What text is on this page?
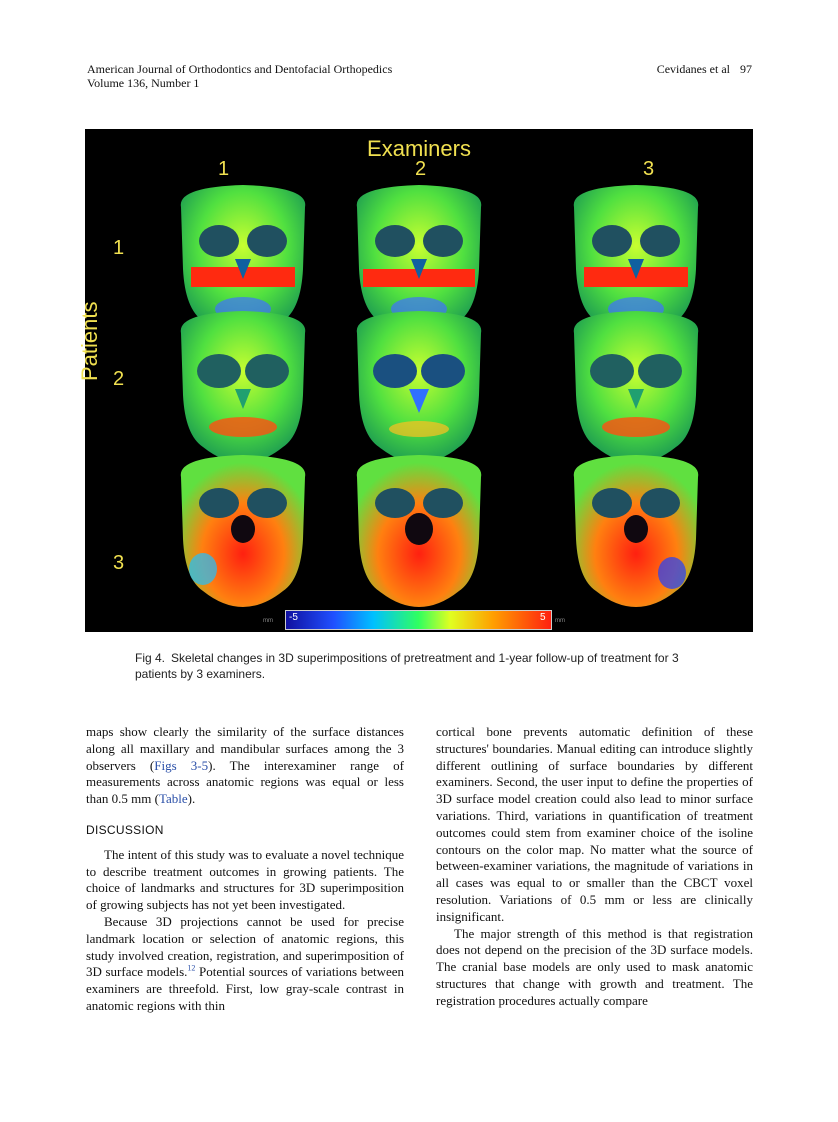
American Journal of Orthodontics and Dentofacial Orthopedics
Volume 136, Number 1
Cevidanes et al 97
Examiners
1	2	3
1
2
3
Patients
mm -5	5 mm
Fig 4. Skeletal changes in 3D superimpositions of pretreatment and 1-year follow-up of treatment for 3 patients by 3 examiners.

maps show clearly the similarity of the surface distances along all maxillary and mandibular surfaces among the 3 observers (Figs 3-5). The interexaminer range of measurements across anatomic regions was equal or less than 0.5 mm (Table).

DISCUSSION

The intent of this study was to evaluate a novel technique to describe treatment outcomes in growing patients. The choice of landmarks and structures for 3D superimposition of growing subjects has not yet been investigated.

Because 3D projections cannot be used for precise landmark location or selection of anatomic regions, this study involved creation, registration, and superimposition of 3D surface models.$^{12}$ Potential sources of variations between examiners are threefold. First, low gray-scale contrast in anatomic regions with thin

cortical bone prevents automatic definition of these structures' boundaries. Manual editing can introduce slightly different outlining of surface boundaries by different examiners. Second, the user input to define the properties of 3D surface model creation could also lead to minor surface variations. Third, variations in quantification of treatment outcomes could stem from examiner choice of the isoline contours on the color map. No matter what the source of between-examiner variations, the magnitude of variations in all cases was equal to or smaller than the CBCT voxel resolution. Variations of 0.5 mm or less are clinically insignificant.

The major strength of this method is that registration does not depend on the precision of the 3D surface models. The cranial base models are only used to mask anatomic structures that change with growth and treatment. The registration procedures actually compare
